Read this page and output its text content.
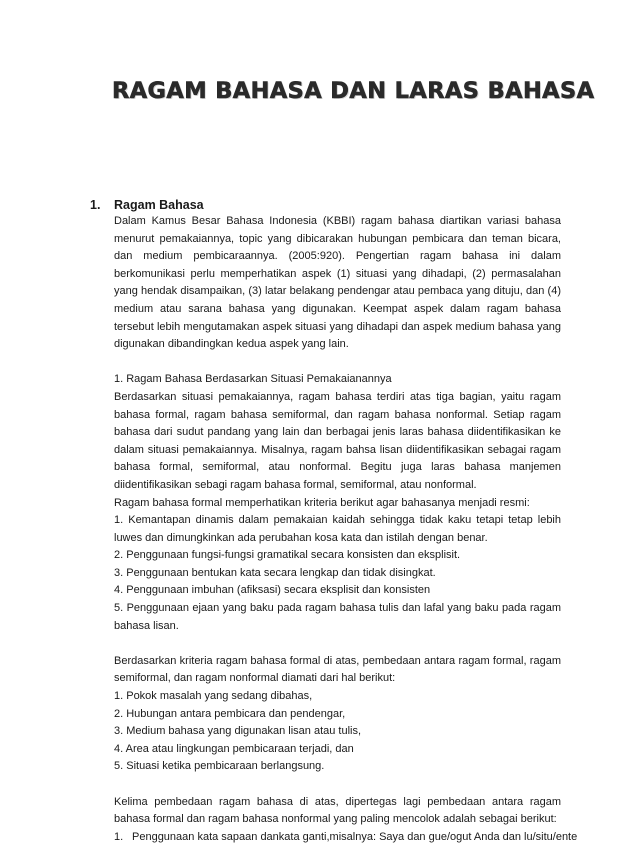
RAGAM BAHASA DAN LARAS BAHASA
1. Ragam Bahasa

Dalam Kamus Besar Bahasa Indonesia (KBBI) ragam bahasa diartikan variasi bahasa menurut pemakaiannya, topic yang dibicarakan hubungan pembicara dan teman bicara, dan medium pembicaraannya. (2005:920). Pengertian ragam bahasa ini dalam berkomunikasi perlu memperhatikan aspek (1) situasi yang dihadapi, (2) permasalahan yang hendak disampaikan, (3) latar belakang pendengar atau pembaca yang dituju, dan (4) medium atau sarana bahasa yang digunakan. Keempat aspek dalam ragam bahasa tersebut lebih mengutamakan aspek situasi yang dihadapi dan aspek medium bahasa yang digunakan dibandingkan kedua aspek yang lain.

1. Ragam Bahasa Berdasarkan Situasi Pemakaianannya

Berdasarkan situasi pemakaiannya, ragam bahasa terdiri atas tiga bagian, yaitu ragam bahasa formal, ragam bahasa semiformal, dan ragam bahasa nonformal. Setiap ragam bahasa dari sudut pandang yang lain dan berbagai jenis laras bahasa diidentifikasikan ke dalam situasi pemakaiannya. Misalnya, ragam bahsa lisan diidentifikasikan sebagai ragam bahasa formal, semiformal, atau nonformal. Begitu juga laras bahasa manjemen diidentifikasikan sebagi ragam bahasa formal, semiformal, atau nonformal.

Ragam bahasa formal memperhatikan kriteria berikut agar bahasanya menjadi resmi:

1. Kemantapan dinamis dalam pemakaian kaidah sehingga tidak kaku tetapi tetap lebih luwes dan dimungkinkan ada perubahan kosa kata dan istilah dengan benar.

2. Penggunaan fungsi-fungsi gramatikal secara konsisten dan eksplisit.

3. Penggunaan bentukan kata secara lengkap dan tidak disingkat.

4. Penggunaan imbuhan (afiksasi) secara eksplisit dan konsisten

5. Penggunaan ejaan yang baku pada ragam bahasa tulis dan lafal yang baku pada ragam bahasa lisan.

Berdasarkan kriteria ragam bahasa formal di atas, pembedaan antara ragam formal, ragam semiformal, dan ragam nonformal diamati dari hal berikut:

1. Pokok masalah yang sedang dibahas,

2. Hubungan antara pembicara dan pendengar,

3. Medium bahasa yang digunakan lisan atau tulis,

4. Area atau lingkungan pembicaraan terjadi, dan

5. Situasi ketika pembicaraan berlangsung.

Kelima pembedaan ragam bahasa di atas, dipertegas lagi pembedaan antara ragam bahasa formal dan ragam bahasa nonformal yang paling mencolok adalah sebagai berikut:

1. Penggunaan kata sapaan dankata ganti,misalnya: Saya dan gue/ogut Anda dan lu/situ/ente
